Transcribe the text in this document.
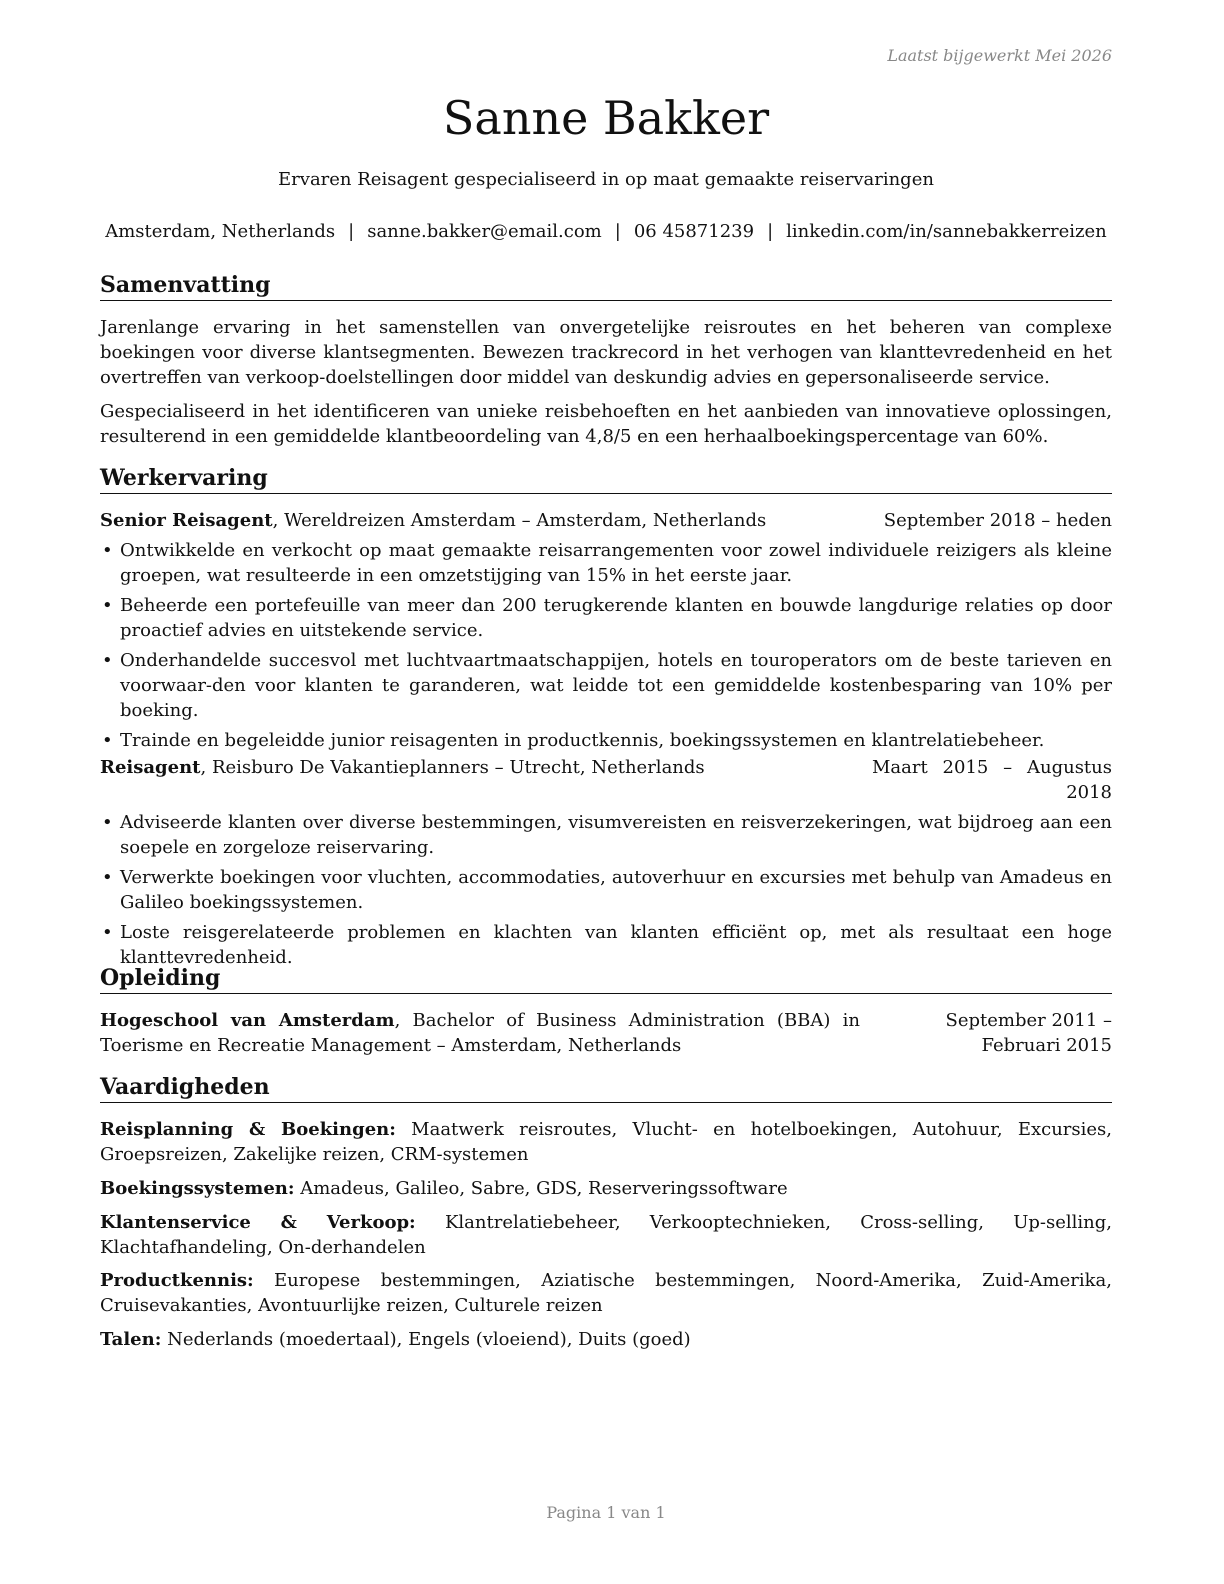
Laatst bijgewerkt Mei 2026
Sanne Bakker
Ervaren Reisagent gespecialiseerd in op maat gemaakte reiservaringen
Amsterdam, Netherlands | sanne.bakker@email.com | 06 45871239 | linkedin.com/in/sannebakkerreizen
Samenvatting
Jarenlange ervaring in het samenstellen van onvergetelijke reisroutes en het beheren van complexe boekingen voor diverse klantsegmenten. Bewezen trackrecord in het verhogen van klanttevredenheid en het overtreffen van verkoop-doelstellingen door middel van deskundig advies en gepersonaliseerde service.
Gespecialiseerd in het identificeren van unieke reisbehoeften en het aanbieden van innovatieve oplossingen, resulterend in een gemiddelde klantbeoordeling van 4,8/5 en een herhaalboekingspercentage van 60%.
Werkervaring
Senior Reisagent, Wereldreizen Amsterdam – Amsterdam, Netherlands	September 2018 – heden
• Ontwikkelde en verkocht op maat gemaakte reisarrangementen voor zowel individuele reizigers als kleine groepen, wat resulteerde in een omzetstijging van 15% in het eerste jaar.
• Beheerde een portefeuille van meer dan 200 terugkerende klanten en bouwde langdurige relaties op door proactief advies en uitstekende service.
• Onderhandelde succesvol met luchtvaartmaatschappijen, hotels en touroperators om de beste tarieven en voorwaar-den voor klanten te garanderen, wat leidde tot een gemiddelde kostenbesparing van 10% per boeking.
• Trainde en begeleidde junior reisagenten in productkennis, boekingssystemen en klantrelatiebeheer.
Reisagent, Reisburo De Vakantieplanners – Utrecht, Netherlands	Maart 2015 – Augustus 2018
• Adviseerde klanten over diverse bestemmingen, visumvereisten en reisverzekeringen, wat bijdroeg aan een soepele en zorgeloze reiservaring.
• Verwerkte boekingen voor vluchten, accommodaties, autoverhuur en excursies met behulp van Amadeus en Galileo boekingssystemen.
• Loste reisgerelateerde problemen en klachten van klanten efficiënt op, met als resultaat een hoge klanttevredenheid.
Opleiding
Hogeschool van Amsterdam, Bachelor of Business Administration (BBA) in Toerisme en Recreatie Management – Amsterdam, Netherlands
September 2011 – Februari 2015
Vaardigheden
Reisplanning & Boekingen: Maatwerk reisroutes, Vlucht- en hotelboekingen, Autohuur, Excursies, Groepsreizen, Zakelijke reizen, CRM-systemen
Boekingssystemen: Amadeus, Galileo, Sabre, GDS, Reserveringssoftware
Klantenservice & Verkoop: Klantrelatiebeheer, Verkooptechnieken, Cross-selling, Up-selling, Klachtafhandeling, On-derhandelen
Productkennis: Europese bestemmingen, Aziatische bestemmingen, Noord-Amerika, Zuid-Amerika, Cruisevakanties, Avontuurlijke reizen, Culturele reizen
Talen: Nederlands (moedertaal), Engels (vloeiend), Duits (goed)
Pagina 1 van 1
